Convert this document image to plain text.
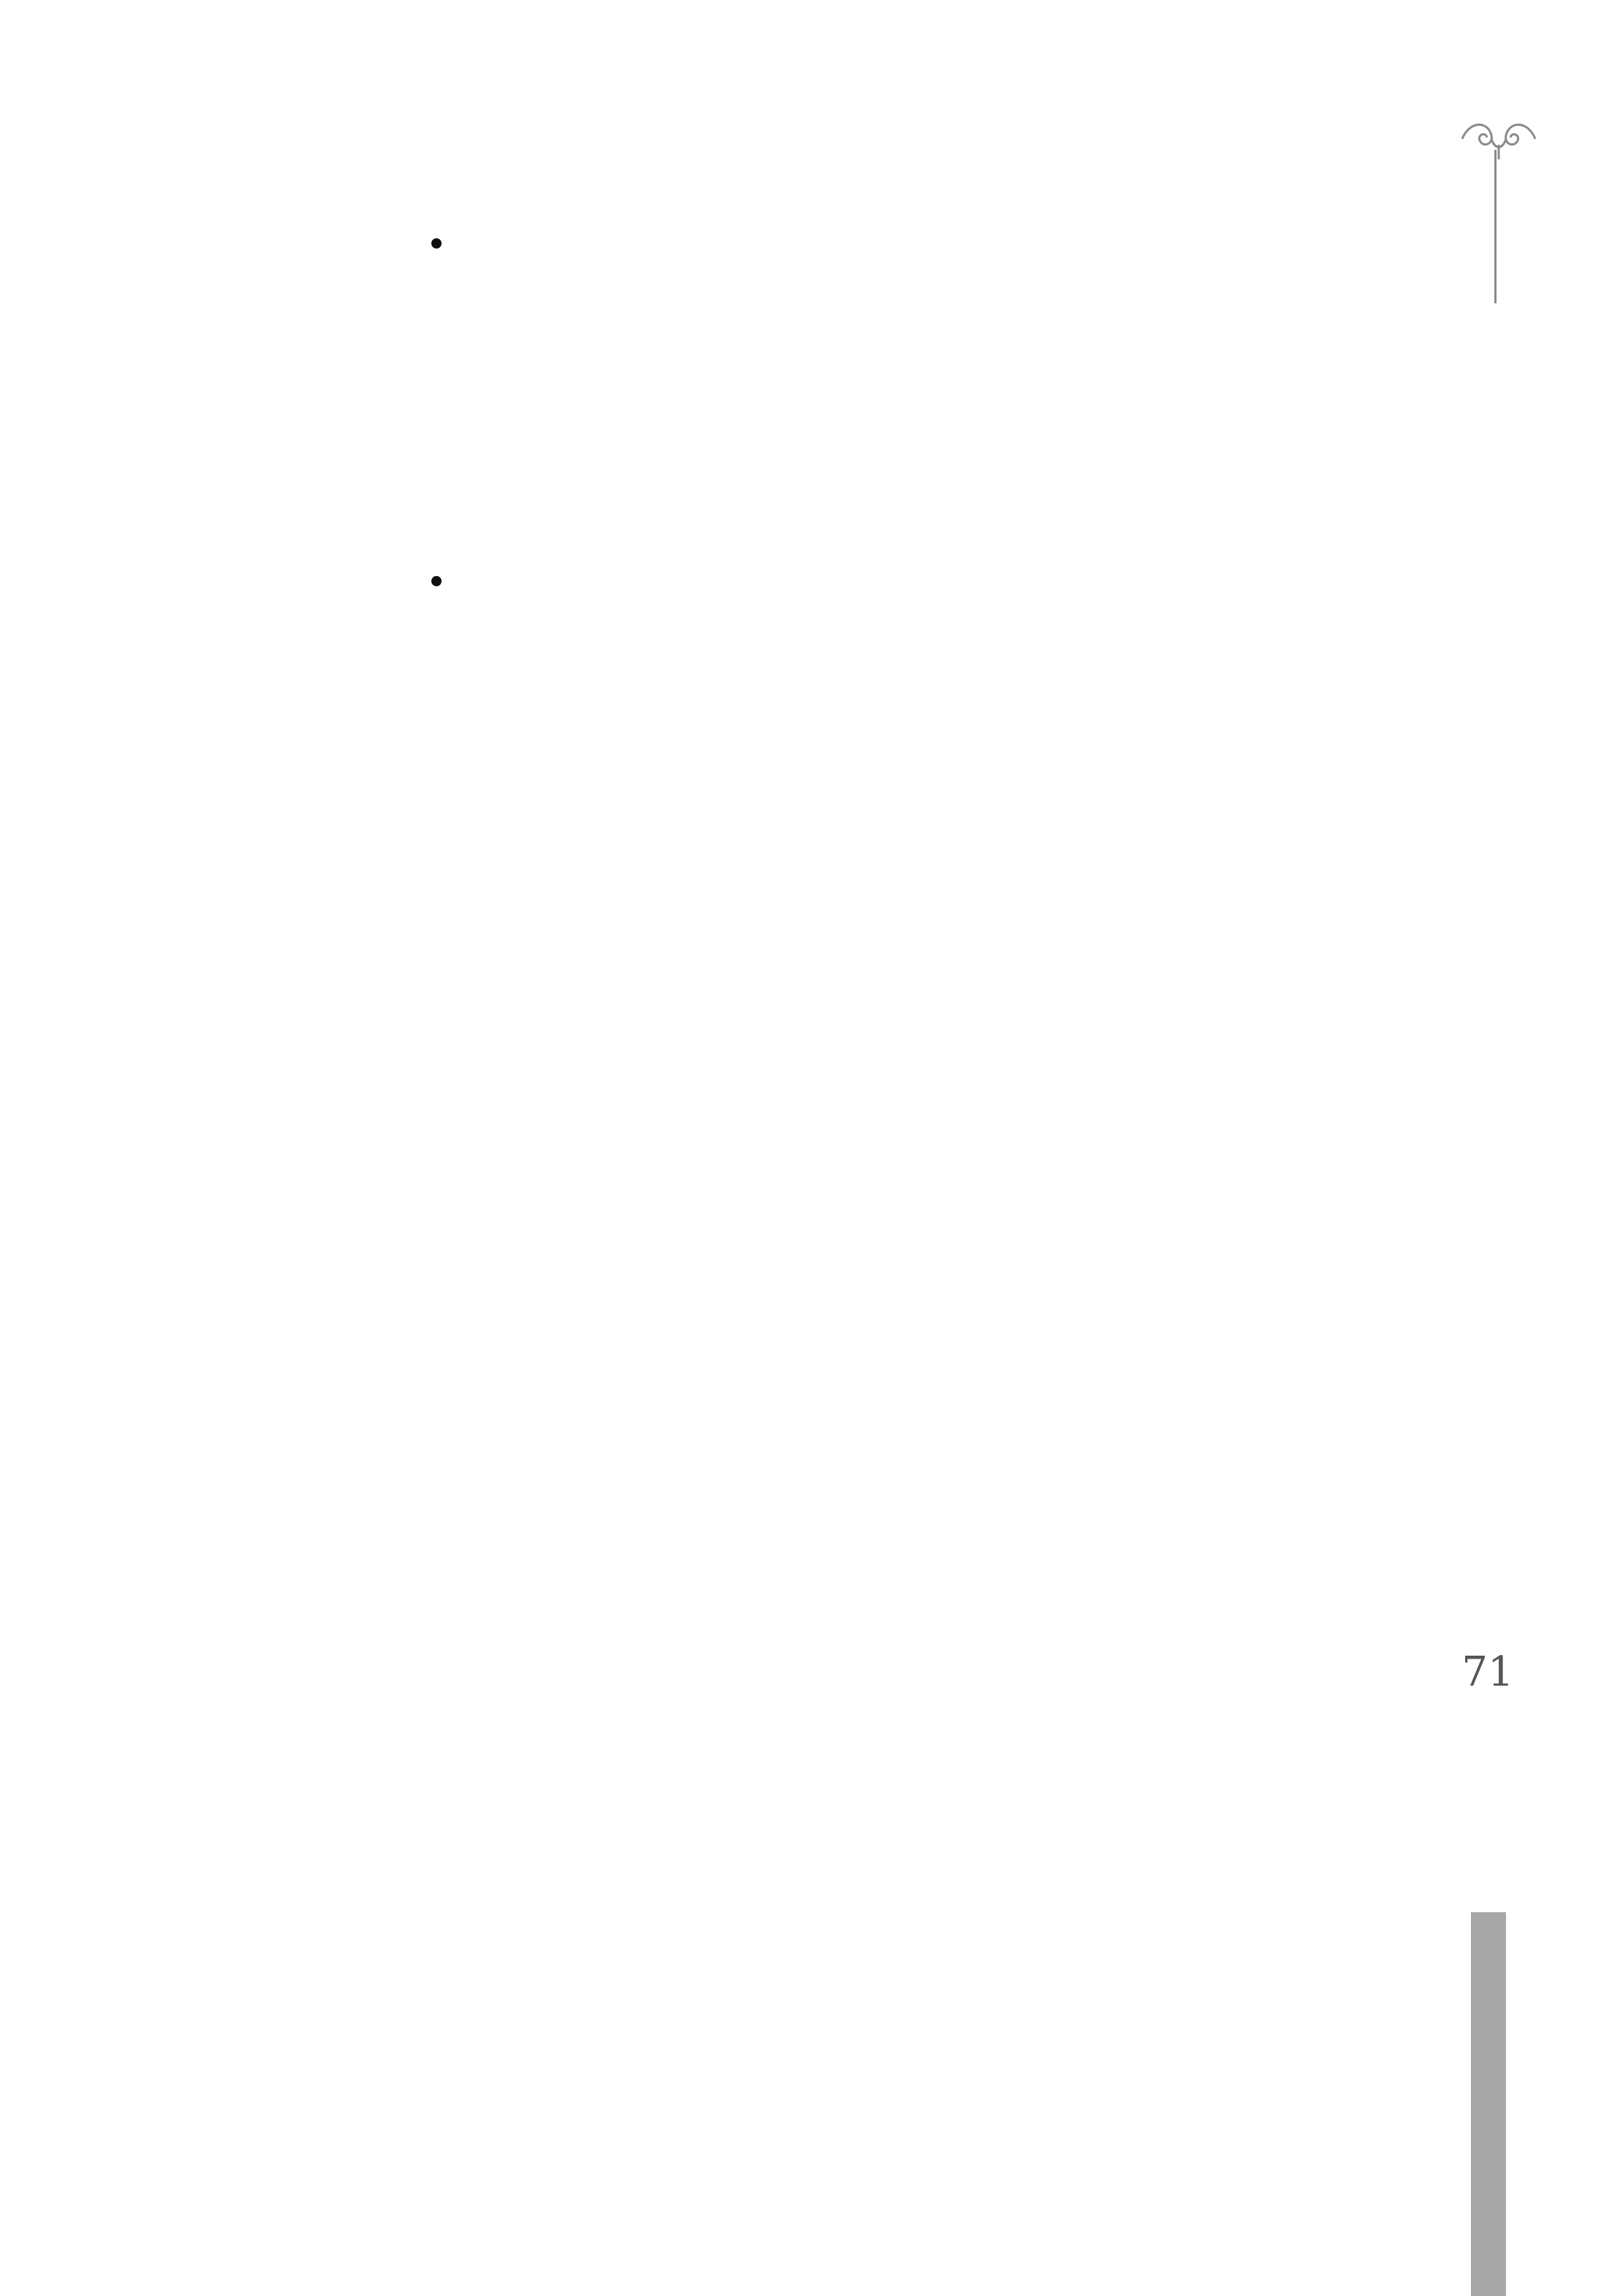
71
